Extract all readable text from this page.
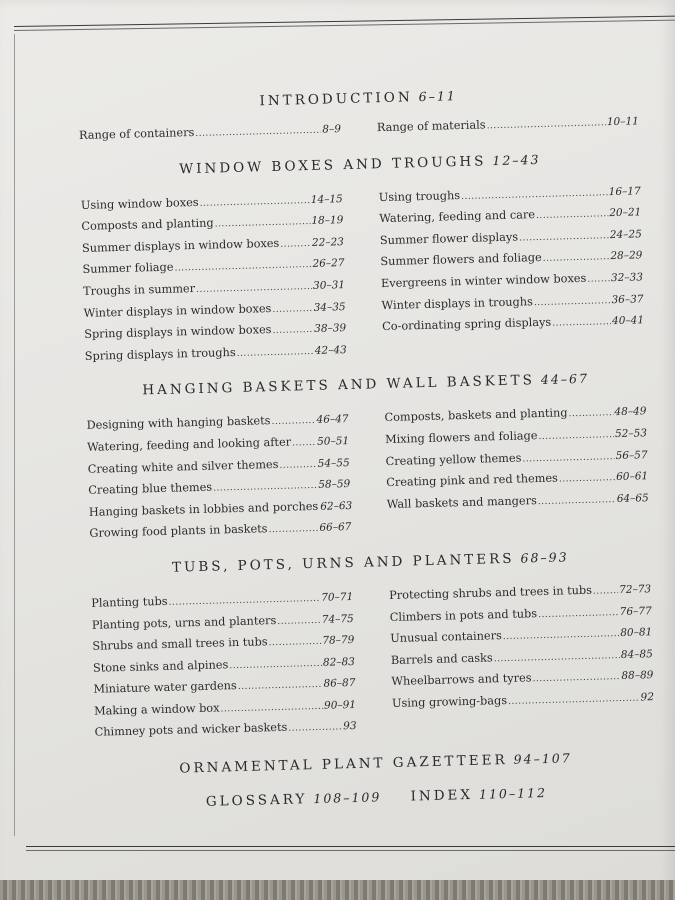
INTRODUCTION 6–11
Range of containers .....	8–9	Range of materials .....	10–11
WINDOW BOXES AND TROUGHS 12–43
Using window boxes .....	14–15
Composts and planting .....	18–19
Summer displays in window boxes .....	22–23
Summer foliage .....	26–27
Troughs in summer .....	30–31
Winter displays in window boxes .....	34–35
Spring displays in window boxes .....	38–39
Spring displays in troughs .....	42–43
Using troughs .....	16–17
Watering, feeding and care .....	20–21
Summer flower displays .....	24–25
Summer flowers and foliage .....	28–29
Evergreens in winter window boxes ..... 32–33
Winter displays in troughs .....	36–37
Co-ordinating spring displays .....	40–41
HANGING BASKETS AND WALL BASKETS 44–67
Designing with hanging baskets .....	46–47
Watering, feeding and looking after ..... 50–51
Creating white and silver themes .....	54–55
Creating blue themes .....	58–59
Hanging baskets in lobbies and porches ..... 62–63
Growing food plants in baskets .....	66–67
Composts, baskets and planting .....	48–49
Mixing flowers and foliage .....	52–53
Creating yellow themes .....	56–57
Creating pink and red themes .....	60–61
Wall baskets and mangers .....	64–65
TUBS, POTS, URNS AND PLANTERS 68–93
Planting tubs .....	70–71
Planting pots, urns and planters .....	74–75
Shrubs and small trees in tubs .....	78–79
Stone sinks and alpines .....	82–83
Miniature water gardens .....	86–87
Making a window box .....	90–91
Chimney pots and wicker baskets .....	93
Protecting shrubs and trees in tubs .....	72–73
Climbers in pots and tubs .....	76–77
Unusual containers .....	80–81
Barrels and casks .....	84–85
Wheelbarrows and tyres .....	88–89
Using growing-bags .....	92
ORNAMENTAL PLANT GAZETTEER 94–107
GLOSSARY 108–109 INDEX 110–112
